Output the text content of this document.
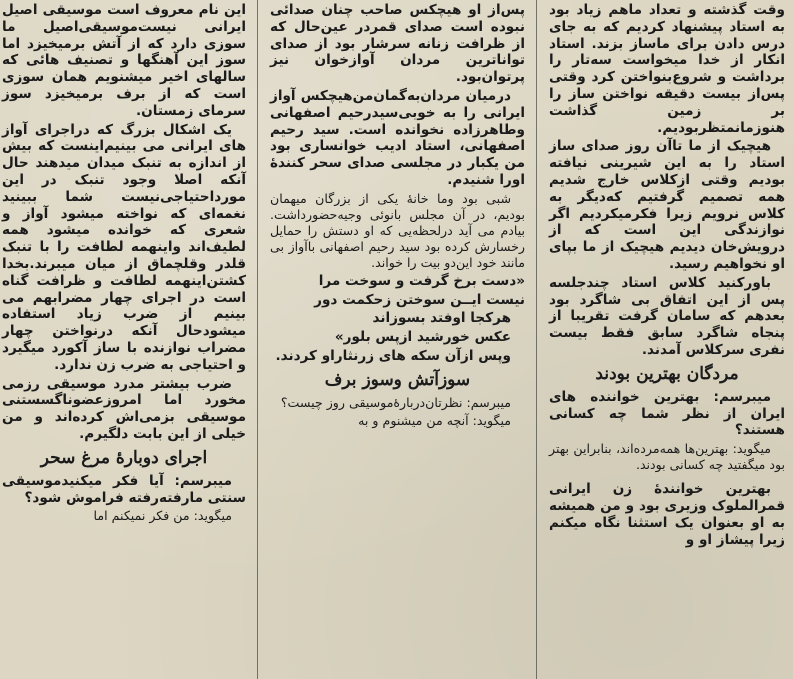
وقت گذشته و تعداد ماهم زیاد بود به استاد پیشنهاد کردیم که به جای درس دادن برای ماساز بزند. استاد انکار از خدا میخواست سه‌تار را برداشت و شروع‌بنواختن کرد وقتی پس‌از بیست دقیقه نواختن ساز را بر زمین گذاشت هنوزمانمتظربودیم.

هیچیک از ما تاآن روز صدای ساز استاد را به این شیرینی نیافته بودیم وقتی ازکلاس خارج شدیم همه تصمیم گرفتیم که‌دیگر به کلاس نرویم زیرا فکرمیکردیم اگر نوازندگی این است که از درویش‌خان دیدیم هیچیک از ما بپای او نخواهیم رسید.

باورکنید کلاس استاد چندجلسه پس از این اتفاق بی شاگرد بود بعدهم که سامان گرفت تقریبا از پنجاه شاگرد سابق فقط بیست نفری سرکلاس آمدند.

مردگان بهترین بودند

میبرسم: بهترین خواننده های ایران از نظر شما چه کسانی هستند؟

میگوید: بهترین‌ها همه‌مرده‌اند، بنابراین بهتر بود میگفتید چه کسانی بودند.

بهترین خوانندهٔ زن ایرانی قمرالملوک وزیری بود و من همیشه به او بعنوان یک استثنا نگاه میکنم زیرا پیشاز او و

پس‌از او هیچکس صاحب چنان صدائی نبوده است صدای قمردر عین‌حال که از ظرافت زنانه سرشار بود از صدای تواناترین مردان آوازخوان نیز پرتوان‌بود.

درمیان مردان‌به‌گمان‌من‌هیچکس آواز ایرانی را به خوبی‌سیدرحیم اصفهانی وطاهرزاده نخوانده است. سید رحیم اصفهانی، استاد ادیب خوانساری بود من یکبار در مجلسی صدای سحر کنندهٔ اورا شنیدم.

شبی بود وما خانهٔ یکی از بزرگان میهمان بودیم، در آن مجلس بانوئی وجیه‌حضورداشت. بیادم می آید درلحظه‌یی که او دستش را حمایل رخسارش کرده بود سید رحیم اصفهانی باآواز بی مانند خود این‌دو بیت را خواند.

«دست برخ گرفت و سوخت مرا

نیست ایــن سوختن زحکمت دور

هرکجا اوفتد بسوزاند

عکس خورشید ازپس بلور»

وپس ازآن سکه های زرنثاراو کردند.

سوزآتش وسوز برف

میبرسم: نظرتان‌درباره‌ٔموسیقی روز چیست؟

میگوید: آنچه من میشنوم و به

این نام معروف است موسیقی اصیل ایرانی نیست‌موسیقی‌اصیل ما سوزی دارد که از آتش برمیخیزد اما سوز این آهنگها و تصنیف هائی که سالهای اخیر میشنویم همان سوزی است که از برف برمیخیزد سوز سرمای زمستان.

یک اشکال بزرگ که دراجرای آواز های ایرانی می بینیم‌اینست که بیش از اندازه به تنبک میدان میدهند حال آنکه اصلا وجود تنبک در این مورداحتیاجی‌نیست شما ببینید نغمه‌ای که نواخته میشود آواز و شعری که خوانده میشود همه لطیف‌اند واینهمه لطافت را با تنبک قلدر وقلچماق از میان میبرند.بخدا کشتن‌اینهمه لطافت و ظرافت گناه است در اجرای چهار مضرابهم می بینیم از ضرب زیاد استفاده میشودحال آنکه درنواختن چهار مضراب نوازنده با ساز آکورد میگیرد و احتیاجی به ضرب زن ندارد.

ضرب بیشتر مدرد موسیقی رزمی مخورد اما امروزعضونا‌گسستنی موسیقی بزمی‌اش کرده‌اند و من خیلی از این بابت دلگیرم.

اجرای دوبارهٔ مرغ سحر

میبرسم: آیا فکر میکنیدموسیقی سنتی مارفته‌رفته فراموش شود؟

میگوید: من فکر نمیکنم اما
